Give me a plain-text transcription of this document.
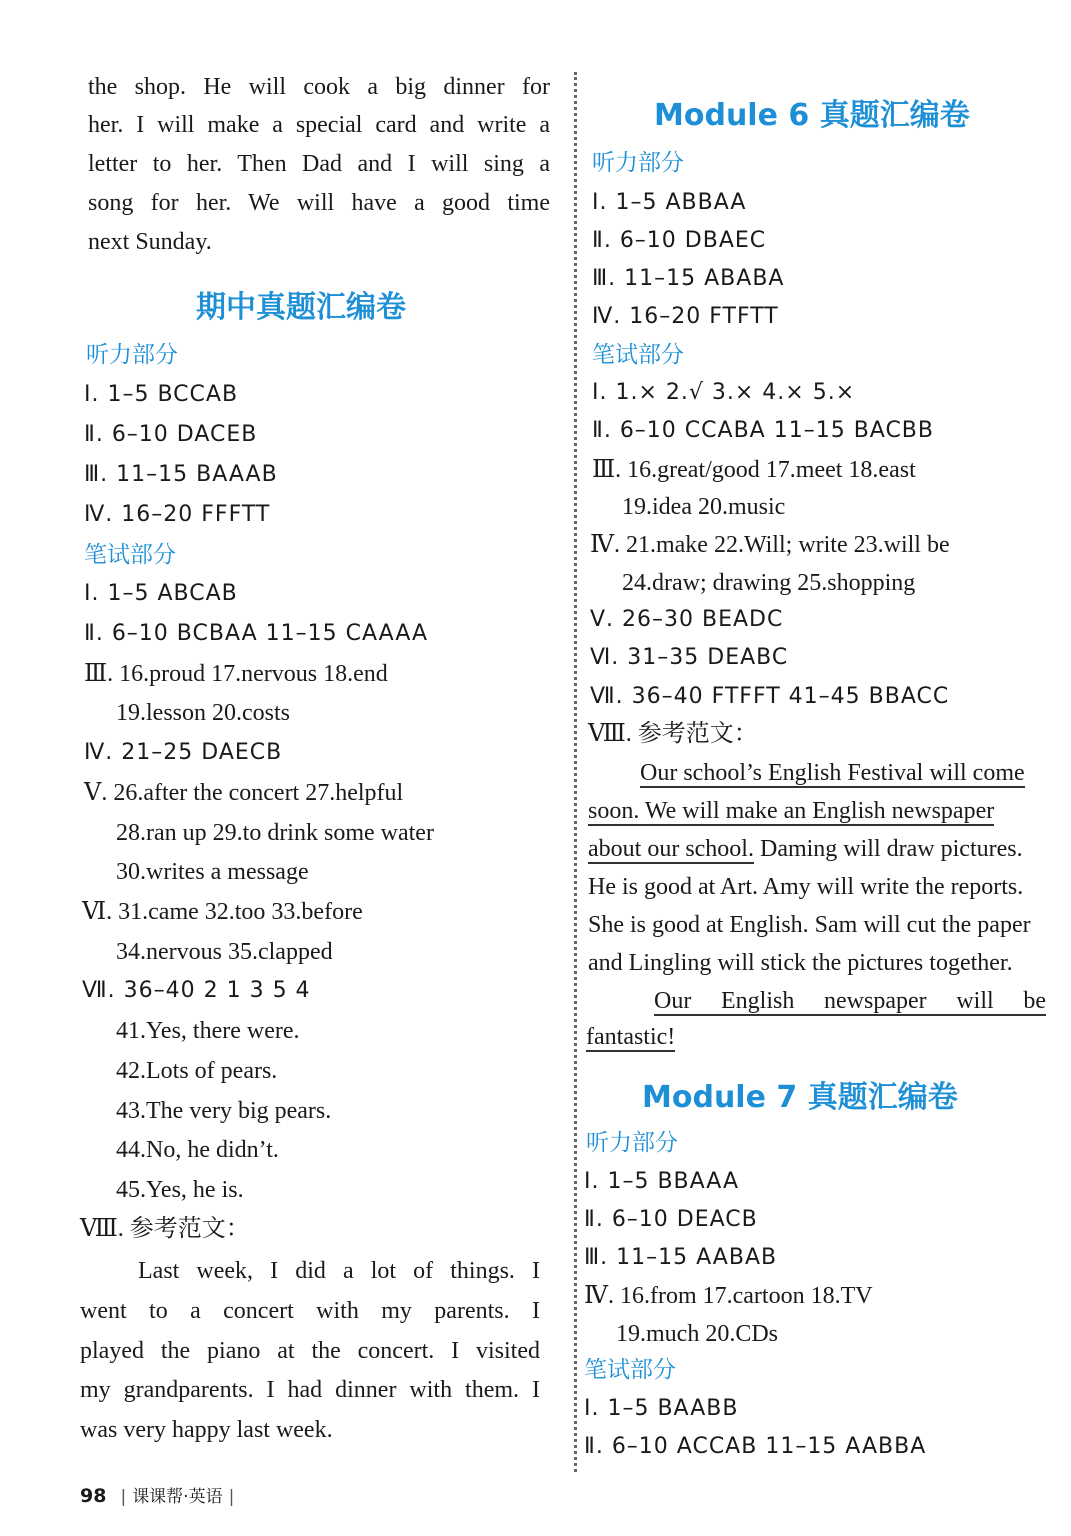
the shop. He will cook a big dinner for
her. I will make a special card and write a
letter to her. Then Dad and I will sing a
song for her. We will have a good time
next Sunday.
期中真题汇编卷
听力部分
Ⅰ. 1–5 BCCAB
Ⅱ. 6–10 DACEB
Ⅲ. 11–15 BAAAB
Ⅳ. 16–20 FFFTT
笔试部分
Ⅰ. 1–5 ABCAB
Ⅱ. 6–10 BCBAA 11–15 CAAAA
Ⅲ. 16.proud 17.nervous 18.end
19.lesson 20.costs
Ⅳ. 21–25 DAECB
Ⅴ. 26.after the concert 27.helpful
28.ran up 29.to drink some water
30.writes a message
Ⅵ. 31.came 32.too 33.before
34.nervous 35.clapped
Ⅶ. 36–40 2 1 3 5 4
41.Yes, there were.
42.Lots of pears.
43.The very big pears.
44.No, he didn’t.
45.Yes, he is.
Ⅷ. 参考范文：
Last week, I did a lot of things. I
went to a concert with my parents. I
played the piano at the concert. I visited
my grandparents. I had dinner with them. I
was very happy last week.
Module 6 真题汇编卷
听力部分
Ⅰ. 1–5 ABBAA
Ⅱ. 6–10 DBAEC
Ⅲ. 11–15 ABABA
Ⅳ. 16–20 FTFTT
笔试部分
Ⅰ. 1.× 2.√ 3.× 4.× 5.×
Ⅱ. 6–10 CCABA 11–15 BACBB
Ⅲ. 16.great/good 17.meet 18.east
19.idea 20.music
Ⅳ. 21.make 22.Will; write 23.will be
24.draw; drawing 25.shopping
Ⅴ. 26–30 BEADC
Ⅵ. 31–35 DEABC
Ⅶ. 36–40 FTFFT 41–45 BBACC
Ⅷ. 参考范文：
Our school’s English Festival will come
soon. We will make an English newspaper
about our school. Daming will draw pictures.
He is good at Art. Amy will write the reports.
She is good at English. Sam will cut the paper
and Lingling will stick the pictures together.
Our English newspaper will be
fantastic!
Module 7 真题汇编卷
听力部分
Ⅰ. 1–5 BBAAA
Ⅱ. 6–10 DEACB
Ⅲ. 11–15 AABAB
Ⅳ. 16.from 17.cartoon 18.TV
19.much 20.CDs
笔试部分
Ⅰ. 1–5 BAABB
Ⅱ. 6–10 ACCAB 11–15 AABBA
98 | 课课帮·英语 |
